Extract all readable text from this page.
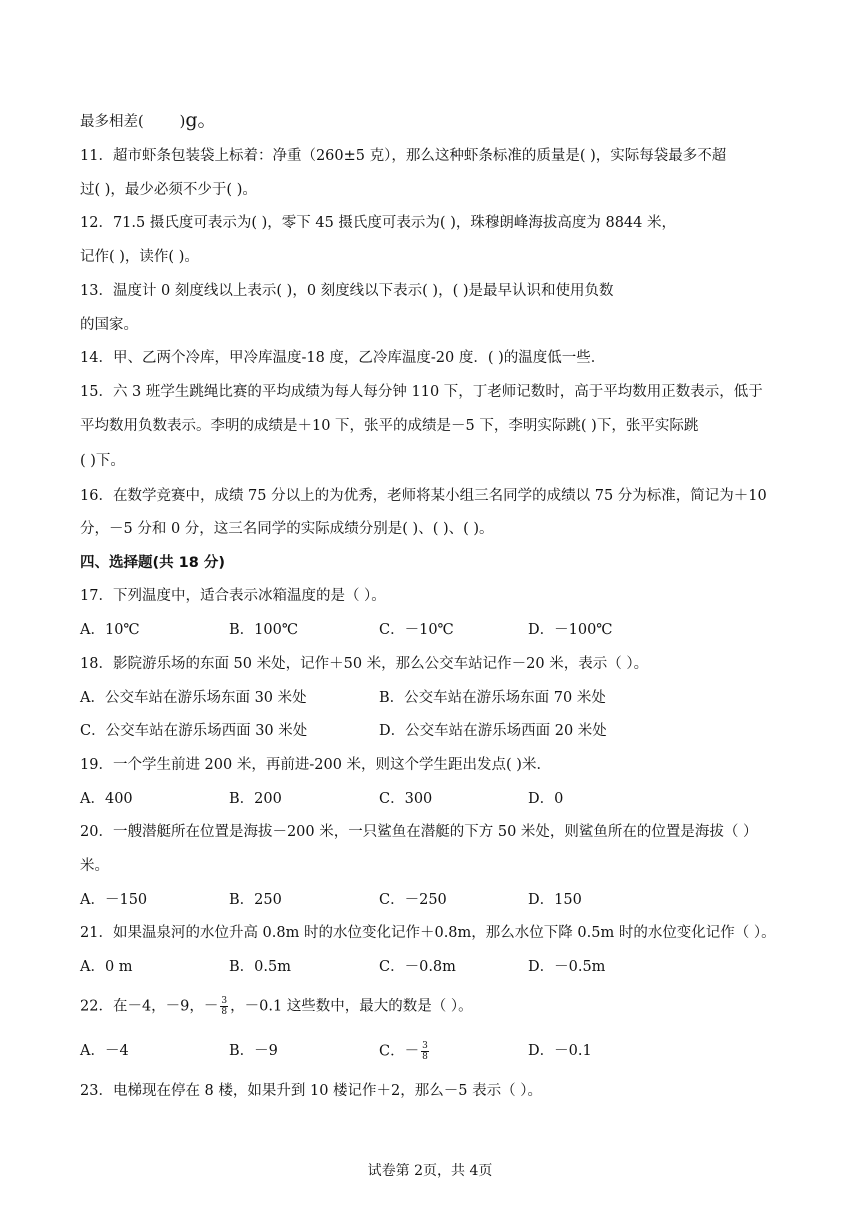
最多相差( )g。
11．超市虾条包装袋上标着：净重（260±5 克），那么这种虾条标准的质量是( )，实际每袋最多不超
过( )，最少必须不少于( )。
12．71.5 摄氏度可表示为( )，零下 45 摄氏度可表示为( )，珠穆朗峰海拔高度为 8844 米，
记作( )，读作( )。
13．温度计 0 刻度线以上表示( )，0 刻度线以下表示( )，( )是最早认识和使用负数
的国家。
14．甲、乙两个冷库，甲冷库温度-18 度，乙冷库温度-20 度．( )的温度低一些．
15．六 3 班学生跳绳比赛的平均成绩为每人每分钟 110 下，丁老师记数时，高于平均数用正数表示，低于
平均数用负数表示。李明的成绩是＋10 下，张平的成绩是－5 下，李明实际跳( )下，张平实际跳
( )下。
16．在数学竞赛中，成绩 75 分以上的为优秀，老师将某小组三名同学的成绩以 75 分为标准，简记为＋10
分，－5 分和 0 分，这三名同学的实际成绩分别是( )、( )、( )。
四、选择题(共 18 分)
17．下列温度中，适合表示冰箱温度的是（ ）。
A．10℃	B．100℃	C．－10℃	D．－100℃
18．影院游乐场的东面 50 米处，记作＋50 米，那么公交车站记作－20 米，表示（ ）。
A．公交车站在游乐场东面 30 米处	B．公交车站在游乐场东面 70 米处
C．公交车站在游乐场西面 30 米处	D．公交车站在游乐场西面 20 米处
19．一个学生前进 200 米，再前进-200 米，则这个学生距出发点( )米．
A．400	B．200	C．300	D．0
20．一艘潜艇所在位置是海拔－200 米，一只鲨鱼在潜艇的下方 50 米处，则鲨鱼所在的位置是海拔（ ）
米。
A．－150	B．250	C．－250	D．150
21．如果温泉河的水位升高 0.8m 时的水位变化记作＋0.8m，那么水位下降 0.5m 时的水位变化记作（ ）。
A．0 m	B．0.5m	C．－0.8m	D．－0.5m
22．在－4，－9，－ $\frac{3}{8}$ ，－0.1 这些数中，最大的数是（ ）。
A．－4	B．－9	C．－ $\frac{3}{8}$	D．－0.1
23．电梯现在停在 8 楼，如果升到 10 楼记作＋2，那么－5 表示（ ）。
试卷第 2页，共 4页
